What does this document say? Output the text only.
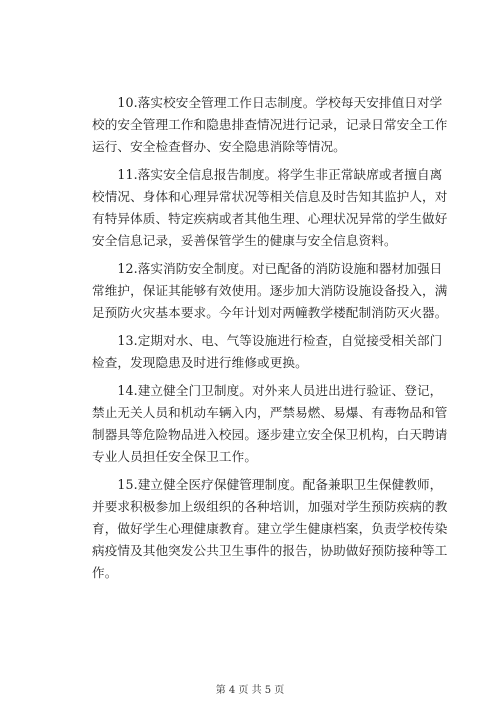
　　10.落实校安全管理工作日志制度。学校每天安排值日对学
校的安全管理工作和隐患排查情况进行记录，记录日常安全工作
运行、安全检查督办、安全隐患消除等情况。

　　11.落实安全信息报告制度。将学生非正常缺席或者擅自离
校情况、身体和心理异常状况等相关信息及时告知其监护人，对
有特异体质、特定疾病或者其他生理、心理状况异常的学生做好
安全信息记录，妥善保管学生的健康与安全信息资料。

　　12.落实消防安全制度。对已配备的消防设施和器材加强日
常维护，保证其能够有效使用。逐步加大消防设施设备投入，满
足预防火灾基本要求。今年计划对两幢教学楼配制消防灭火器。

　　13.定期对水、电、气等设施进行检查，自觉接受相关部门
检查，发现隐患及时进行维修或更换。

　　14.建立健全门卫制度。对外来人员进出进行验证、登记，
禁止无关人员和机动车辆入内，严禁易燃、易爆、有毒物品和管
制器具等危险物品进入校园。逐步建立安全保卫机构，白天聘请
专业人员担任安全保卫工作。

　　15.建立健全医疗保健管理制度。配备兼职卫生保健教师，
并要求积极参加上级组织的各种培训，加强对学生预防疾病的教
育，做好学生心理健康教育。建立学生健康档案，负责学校传染
病疫情及其他突发公共卫生事件的报告，协助做好预防接种等工
作。

第 4 页 共 5 页
